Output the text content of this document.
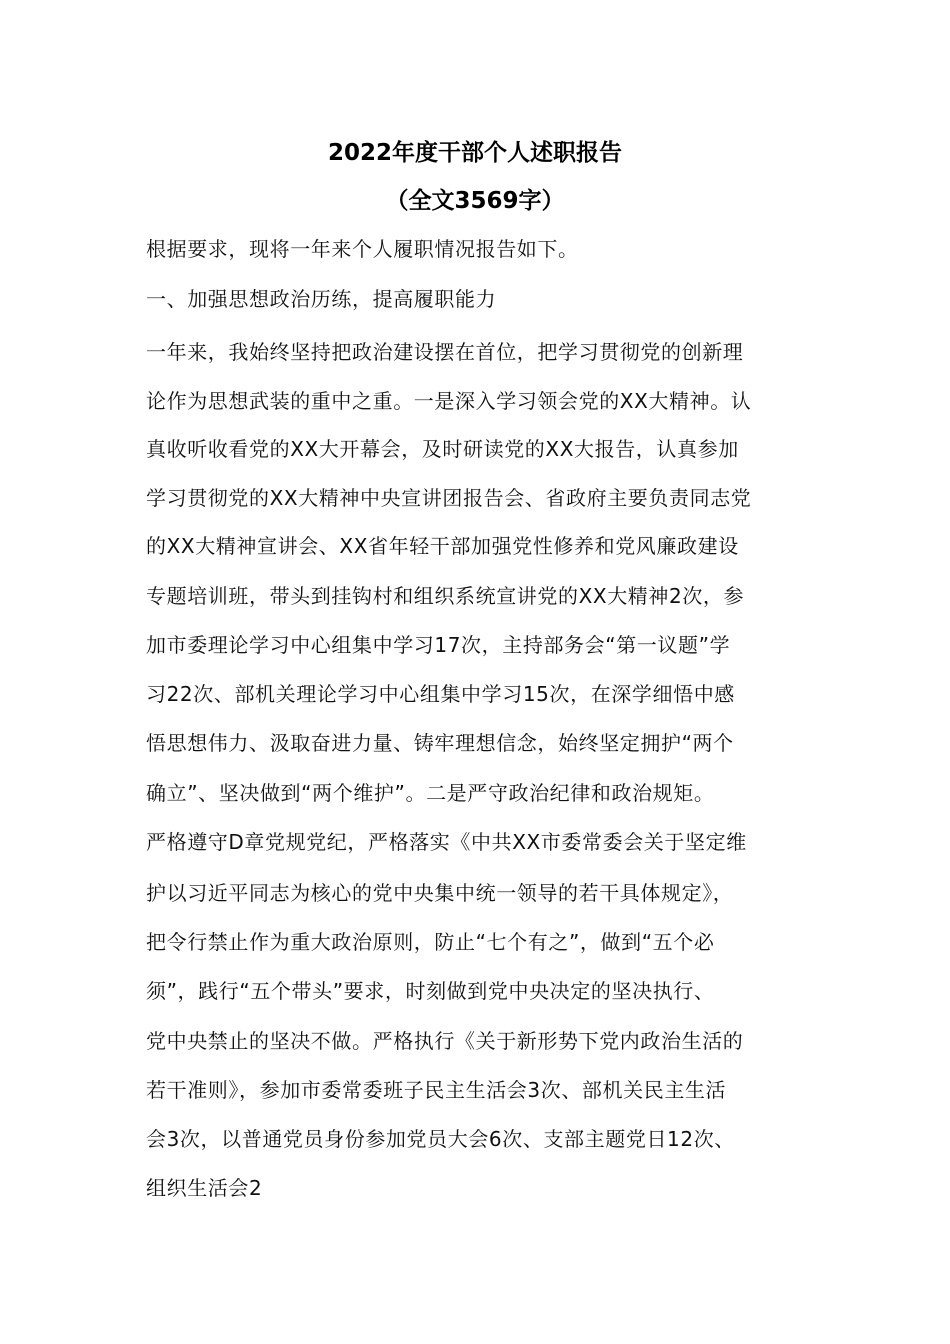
2022年度干部个人述职报告
（全文3569字）
根据要求，现将一年来个人履职情况报告如下。
一、加强思想政治历练，提高履职能力
一年来，我始终坚持把政治建设摆在首位，把学习贯彻党的创新理
论作为思想武装的重中之重。一是深入学习领会党的XX大精神。认
真收听收看党的XX大开幕会，及时研读党的XX大报告，认真参加
学习贯彻党的XX大精神中央宣讲团报告会、省政府主要负责同志党
的XX大精神宣讲会、XX省年轻干部加强党性修养和党风廉政建设
专题培训班，带头到挂钩村和组织系统宣讲党的XX大精神2次，参
加市委理论学习中心组集中学习17次，主持部务会“第一议题”学
习22次、部机关理论学习中心组集中学习15次，在深学细悟中感
悟思想伟力、汲取奋进力量、铸牢理想信念，始终坚定拥护“两个
确立”、坚决做到“两个维护”。二是严守政治纪律和政治规矩。
严格遵守D章党规党纪，严格落实《中共XX市委常委会关于坚定维
护以习近平同志为核心的党中央集中统一领导的若干具体规定》，
把令行禁止作为重大政治原则，防止“七个有之”，做到“五个必
须”，践行“五个带头”要求，时刻做到党中央决定的坚决执行、
党中央禁止的坚决不做。严格执行《关于新形势下党内政治生活的
若干准则》，参加市委常委班子民主生活会3次、部机关民主生活
会3次，以普通党员身份参加党员大会6次、支部主题党日12次、
组织生活会2
